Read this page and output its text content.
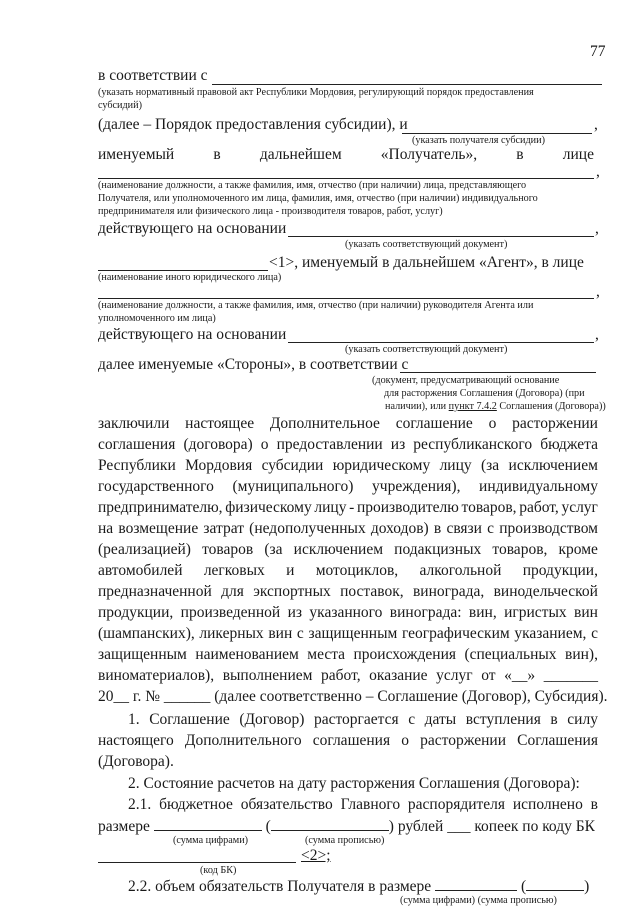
77
в соответствии с
(указать нормативный правовой акт Республики Мордовия, регулирующий порядок предоставления
субсидий)
(далее – Порядок предоставления субсидии), и	,
(указать получателя субсидии)
именуемый	в	дальнейшем	«Получатель»,	в	лице
,
(наименование должности, а также фамилия, имя, отчество (при наличии) лица, представляющего
Получателя, или уполномоченного им лица, фамилия, имя, отчество (при наличии) индивидуального
предпринимателя или физического лица - производителя товаров, работ, услуг)
действующего на основании	,
(указать соответствующий документ)
<1>, именуемый в дальнейшем «Агент», в лице
(наименование иного юридического лица)
,
(наименование должности, а также фамилия, имя, отчество (при наличии) руководителя Агента или
уполномоченного им лица)
действующего на основании	,
(указать соответствующий документ)
далее именуемые «Стороны», в соответствии с
(документ, предусматривающий основание
для расторжения Соглашения (Договора) (при
наличии), или пункт 7.4.2 Соглашения (Договора))
заключили настоящее Дополнительное соглашение о расторжении
соглашения (договора) о предоставлении из республиканского бюджета
Республики Мордовия субсидии юридическому лицу (за исключением
государственного (муниципального) учреждения), индивидуальному
предпринимателю, физическому лицу - производителю товаров, работ, услуг
на возмещение затрат (недополученных доходов) в связи с производством
(реализацией) товаров (за исключением подакцизных товаров, кроме
автомобилей легковых и мотоциклов, алкогольной продукции,
предназначенной для экспортных поставок, винограда, винодельческой
продукции, произведенной из указанного винограда: вин, игристых вин
(шампанских), ликерных вин с защищенным географическим указанием, с
защищенным наименованием места происхождения (специальных вин),
виноматериалов), выполнением работ, оказание услуг от «__» _______
20__ г. № ______ (далее соответственно – Соглашение (Договор), Субсидия).
1. Соглашение (Договор) расторгается с даты вступления в силу
настоящего Дополнительного соглашения о расторжении Соглашения
(Договора).
2. Состояние расчетов на дату расторжения Соглашения (Договора):
2.1. бюджетное обязательство Главного распорядителя исполнено в
размере	(	) рублей ___ копеек по коду БК
(сумма цифрами)	(сумма прописью)
<2>;
(код БК)
2.2. объем обязательств Получателя в размере	(	)
(сумма цифрами) (сумма прописью)
